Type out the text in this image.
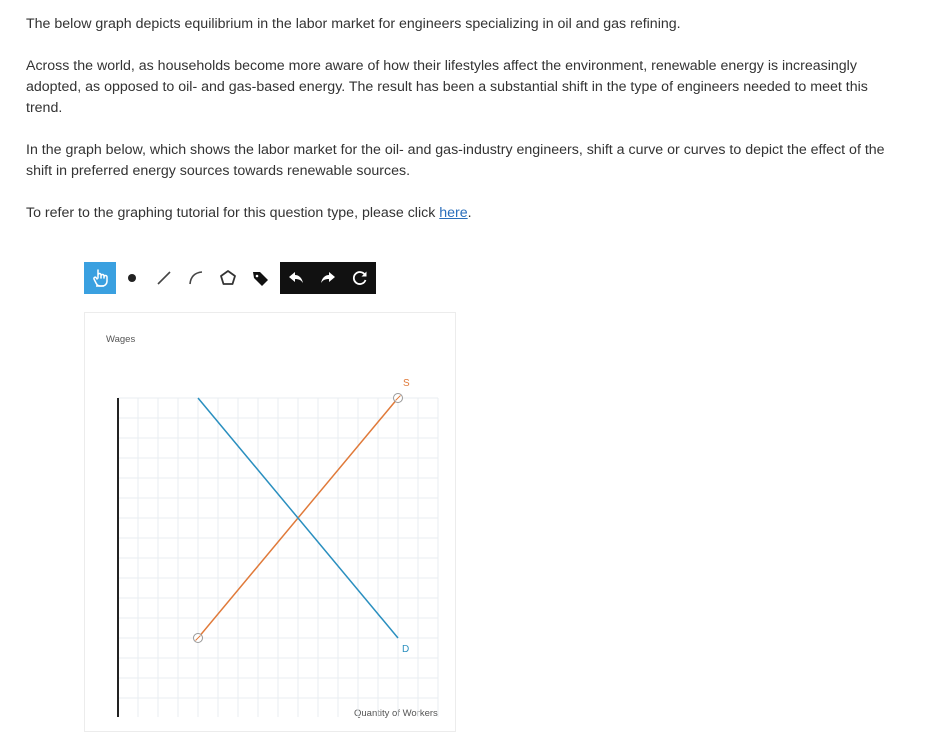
The below graph depicts equilibrium in the labor market for engineers specializing in oil and gas refining.

Across the world, as households become more aware of how their lifestyles affect the environment, renewable energy is increasingly adopted, as opposed to oil- and gas-based energy. The result has been a substantial shift in the type of engineers needed to meet this trend.

In the graph below, which shows the labor market for the oil- and gas-industry engineers, shift a curve or curves to depict the effect of the shift in preferred energy sources towards renewable sources.

To refer to the graphing tutorial for this question type, please click here.

Wages
Quantity of Workers
S
D
